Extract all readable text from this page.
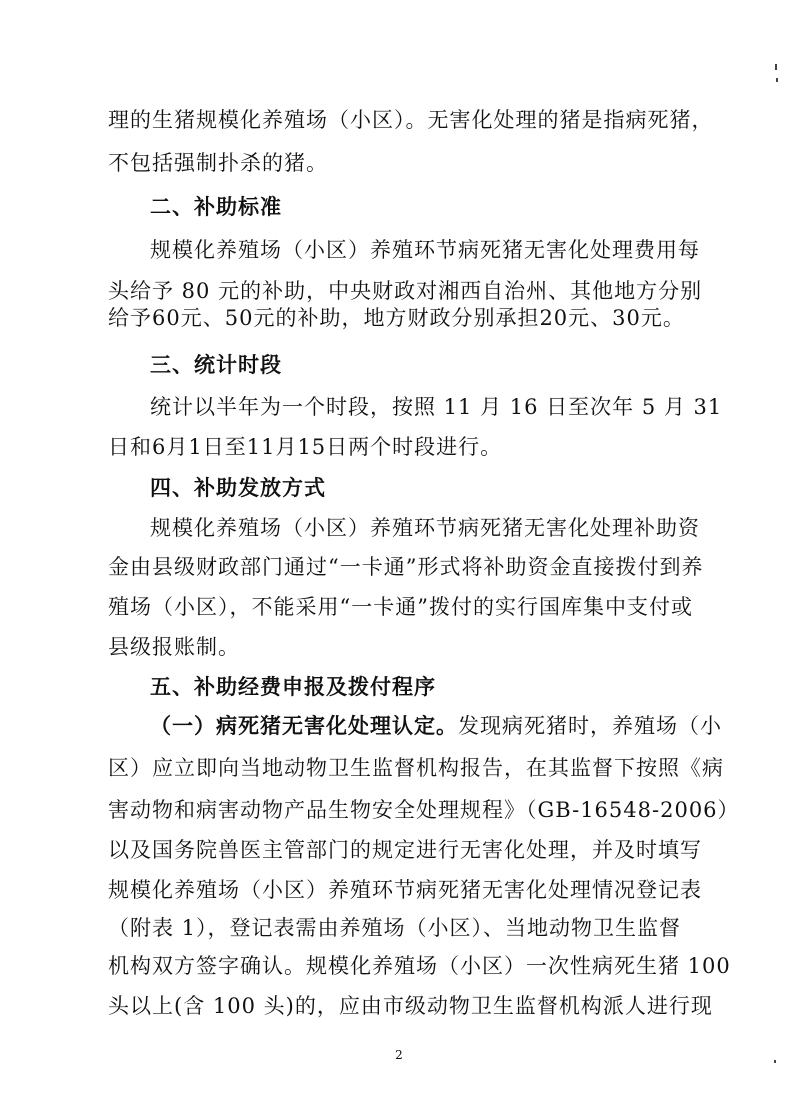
理的生猪规模化养殖场（小区）。无害化处理的猪是指病死猪，
不包括强制扑杀的猪。
二、补助标准
规模化养殖场（小区）养殖环节病死猪无害化处理费用每
头给予 80 元的补助，中央财政对湘西自治州、其他地方分别
给予60元、50元的补助，地方财政分别承担20元、30元。
三、统计时段
统计以半年为一个时段，按照 11 月 16 日至次年 5 月 31
日和6月1日至11月15日两个时段进行。
四、补助发放方式
规模化养殖场（小区）养殖环节病死猪无害化处理补助资
金由县级财政部门通过“一卡通”形式将补助资金直接拨付到养
殖场（小区），不能采用“一卡通”拨付的实行国库集中支付或
县级报账制。
五、补助经费申报及拨付程序
（一）病死猪无害化处理认定。发现病死猪时，养殖场（小
区）应立即向当地动物卫生监督机构报告，在其监督下按照《病
害动物和病害动物产品生物安全处理规程》（GB-16548-2006）
以及国务院兽医主管部门的规定进行无害化处理，并及时填写
规模化养殖场（小区）养殖环节病死猪无害化处理情况登记表
（附表 1），登记表需由养殖场（小区）、当地动物卫生监督
机构双方签字确认。规模化养殖场（小区）一次性病死生猪 100
头以上(含 100 头)的，应由市级动物卫生监督机构派人进行现
2
